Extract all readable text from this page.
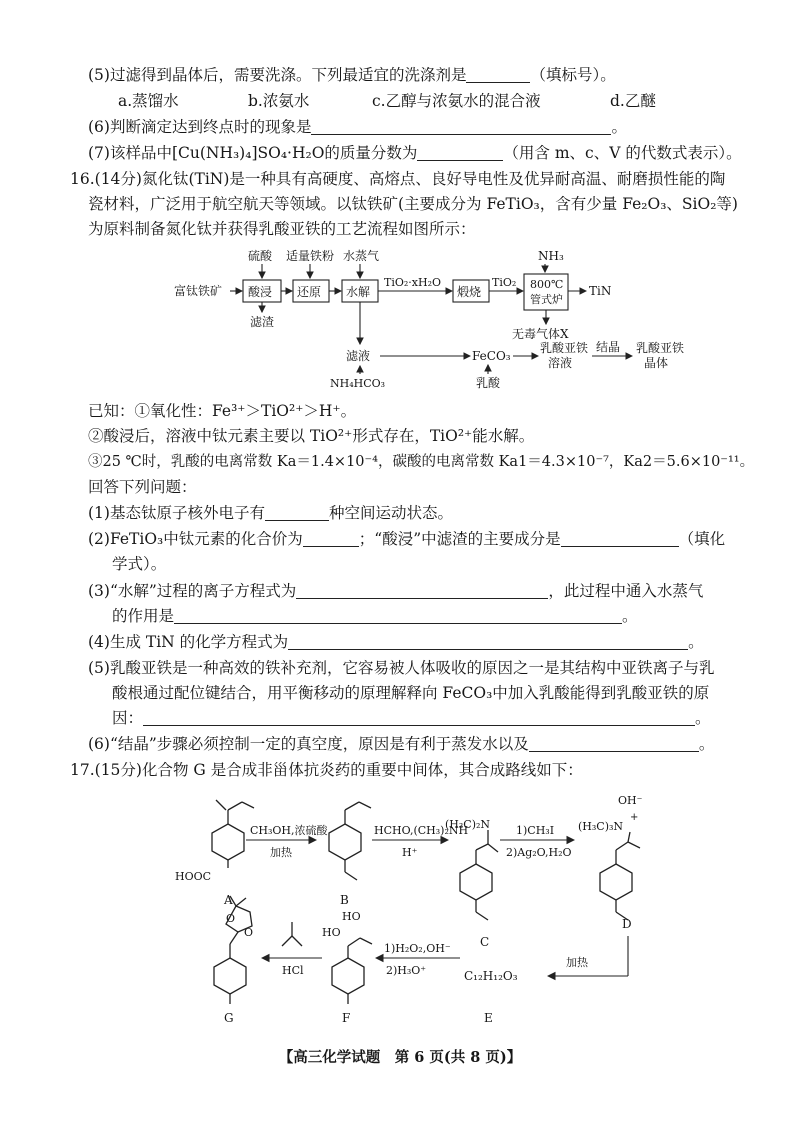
(5)过滤得到晶体后，需要洗涤。下列最适宜的洗涤剂是	（填标号）。
a.蒸馏水	b.浓氨水	c.乙醇与浓氨水的混合液	d.乙醚
(6)判断滴定达到终点时的现象是	。
(7)该样品中[Cu(NH₃)₄]SO₄·H₂O的质量分数为	（用含 m、c、V 的代数式表示）。
16.(14分)氮化钛(TiN)是一种具有高硬度、高熔点、良好导电性及优异耐高温、耐磨损性能的陶
瓷材料，广泛用于航空航天等领域。以钛铁矿(主要成分为 FeTiO₃，含有少量 Fe₂O₃、SiO₂等)
为原料制备氮化钛并获得乳酸亚铁的工艺流程如图所示：
硫酸 适量铁粉 水蒸气	NH₃
富钛铁矿 酸浸 还原 水解
TiO₂·xH₂O
煅烧
TiO₂ 800℃
管式炉
TiN
无毒气体X
滤渣
滤液
NH₄HCO₃
FeCO₃
乳酸
乳酸亚铁
溶液
结晶 乳酸亚铁
晶体
已知：①氧化性：Fe³⁺＞TiO²⁺＞H⁺。
②酸浸后，溶液中钛元素主要以 TiO²⁺形式存在，TiO²⁺能水解。
③25 ℃时，乳酸的电离常数 Ka＝1.4×10⁻⁴，碳酸的电离常数 Ka1＝4.3×10⁻⁷，Ka2＝5.6×10⁻¹¹。
回答下列问题：
(1)基态钛原子核外电子有	种空间运动状态。
(2)FeTiO₃中钛元素的化合价为	；“酸浸”中滤渣的主要成分是	（填化
学式）。
(3)“水解”过程的离子方程式为	，此过程中通入水蒸气
的作用是	。
(4)生成 TiN 的化学方程式为	。
(5)乳酸亚铁是一种高效的铁补充剂，它容易被人体吸收的原因之一是其结构中亚铁离子与乳
酸根通过配位键结合，用平衡移动的原理解释向 FeCO₃中加入乳酸能得到乳酸亚铁的原
因：	。
(6)“结晶”步骤必须控制一定的真空度，原因是有利于蒸发水以及	。
17.(15分)化合物 G 是合成非甾体抗炎药的重要中间体，其合成路线如下：
HOOC
A
CH₃OH,浓硫酸
加热
B
HCHO,(CH₃)₂NH
H⁺
(H₃C)₂N
C
1)CH₃I
2)Ag₂O,H₂O
OH⁻
(H₃C)₃N
+
D
加热
C₁₂H₁₂O₃
E
1)H₂O₂,OH⁻
2)H₃O⁺
HO
HO
F
HCl
O
O
G
【高三化学试题　第 6 页(共 8 页)】
